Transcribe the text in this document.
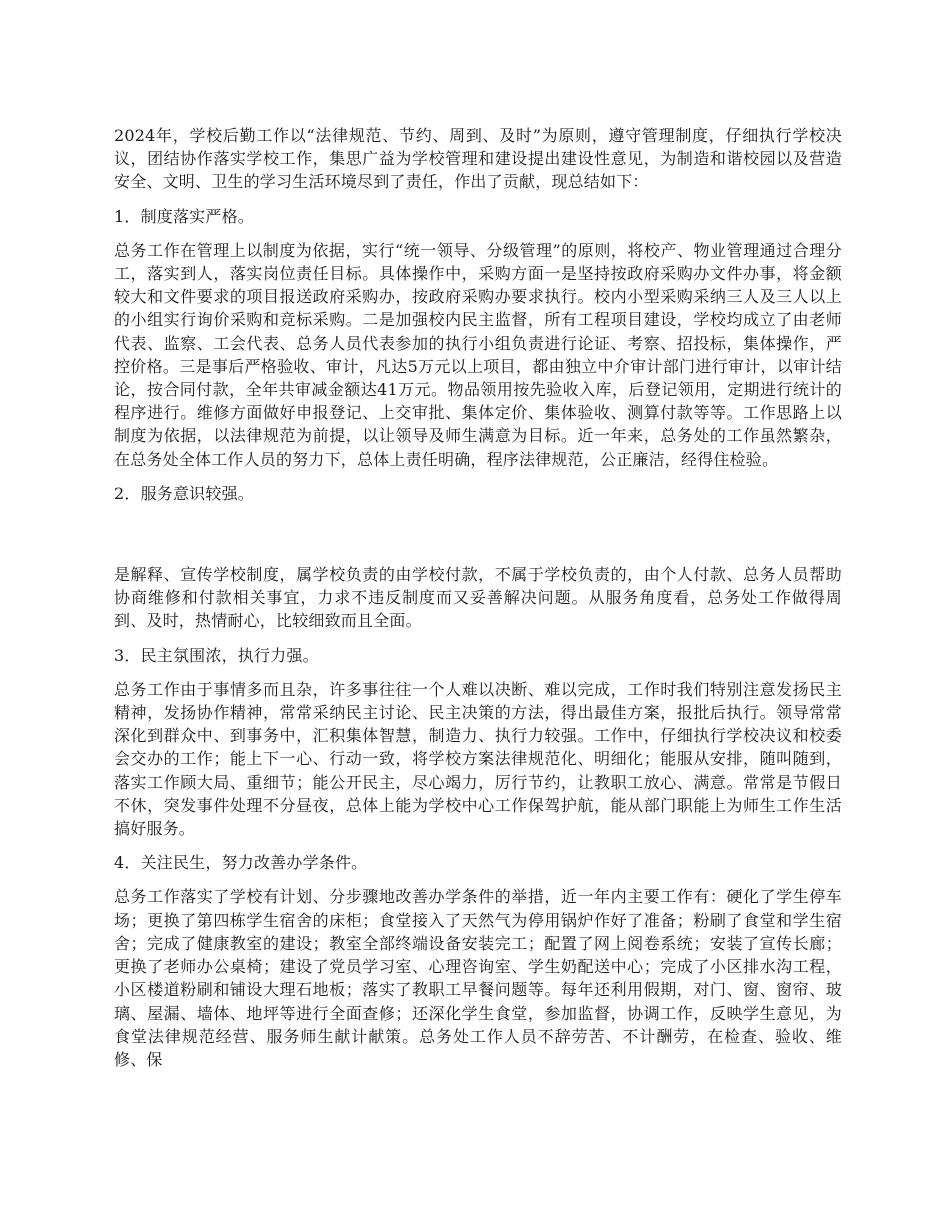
2024年，学校后勤工作以“法律规范、节约、周到、及时”为原则，遵守管理制度，仔细执行学校决议，团结协作落实学校工作，集思广益为学校管理和建设提出建设性意见，为制造和谐校园以及营造安全、文明、卫生的学习生活环境尽到了责任，作出了贡献，现总结如下：

1．制度落实严格。

总务工作在管理上以制度为依据，实行“统一领导、分级管理”的原则，将校产、物业管理通过合理分工，落实到人，落实岗位责任目标。具体操作中，采购方面一是坚持按政府采购办文件办事，将金额较大和文件要求的项目报送政府采购办，按政府采购办要求执行。校内小型采购采纳三人及三人以上的小组实行询价采购和竞标采购。二是加强校内民主监督，所有工程项目建设，学校均成立了由老师代表、监察、工会代表、总务人员代表参加的执行小组负责进行论证、考察、招投标，集体操作，严控价格。三是事后严格验收、审计，凡达5万元以上项目，都由独立中介审计部门进行审计，以审计结论，按合同付款，全年共审减金额达41万元。物品领用按先验收入库，后登记领用，定期进行统计的程序进行。维修方面做好申报登记、上交审批、集体定价、集体验收、测算付款等等。工作思路上以制度为依据，以法律规范为前提，以让领导及师生满意为目标。近一年来，总务处的工作虽然繁杂，在总务处全体工作人员的努力下，总体上责任明确，程序法律规范，公正廉洁，经得住检验。

2．服务意识较强。

是解释、宣传学校制度，属学校负责的由学校付款，不属于学校负责的，由个人付款、总务人员帮助协商维修和付款相关事宜，力求不违反制度而又妥善解决问题。从服务角度看，总务处工作做得周到、及时，热情耐心，比较细致而且全面。

3．民主氛围浓，执行力强。

总务工作由于事情多而且杂，许多事往往一个人难以决断、难以完成，工作时我们特别注意发扬民主精神，发扬协作精神，常常采纳民主讨论、民主决策的方法，得出最佳方案，报批后执行。领导常常深化到群众中、到事务中，汇积集体智慧，制造力、执行力较强。工作中，仔细执行学校决议和校委会交办的工作；能上下一心、行动一致，将学校方案法律规范化、明细化；能服从安排，随叫随到，落实工作顾大局、重细节；能公开民主，尽心竭力，厉行节约，让教职工放心、满意。常常是节假日不休，突发事件处理不分昼夜，总体上能为学校中心工作保驾护航，能从部门职能上为师生工作生活搞好服务。

4．关注民生，努力改善办学条件。

总务工作落实了学校有计划、分步骤地改善办学条件的举措，近一年内主要工作有：硬化了学生停车场；更换了第四栋学生宿舍的床柜；食堂接入了天然气为停用锅炉作好了准备；粉刷了食堂和学生宿舍；完成了健康教室的建设；教室全部终端设备安装完工；配置了网上阅卷系统；安装了宣传长廊；更换了老师办公桌椅；建设了党员学习室、心理咨询室、学生奶配送中心；完成了小区排水沟工程，小区楼道粉刷和铺设大理石地板；落实了教职工早餐问题等。每年还利用假期，对门、窗、窗帘、玻璃、屋漏、墙体、地坪等进行全面查修；还深化学生食堂，参加监督，协调工作，反映学生意见，为食堂法律规范经营、服务师生献计献策。总务处工作人员不辞劳苦、不计酬劳，在检查、验收、维修、保
